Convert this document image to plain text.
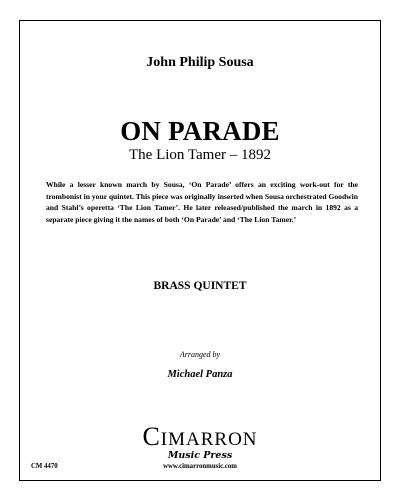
John Philip Sousa
ON PARADE
The Lion Tamer – 1892
While a lesser known march by Sousa, ‘On Parade’ offers an exciting work-out for the trombonist in your quintet. This piece was originally inserted when Sousa orchestrated Goodwin and Stahl’s operetta ‘The Lion Tamer’. He later released/published the march in 1892 as a separate piece giving it the names of both ‘On Parade’ and ‘The Lion Tamer.’
BRASS QUINTET
Arranged by
Michael Panza
CIMARRON
Music Press
www.cimarronmusic.com
CM 4470
